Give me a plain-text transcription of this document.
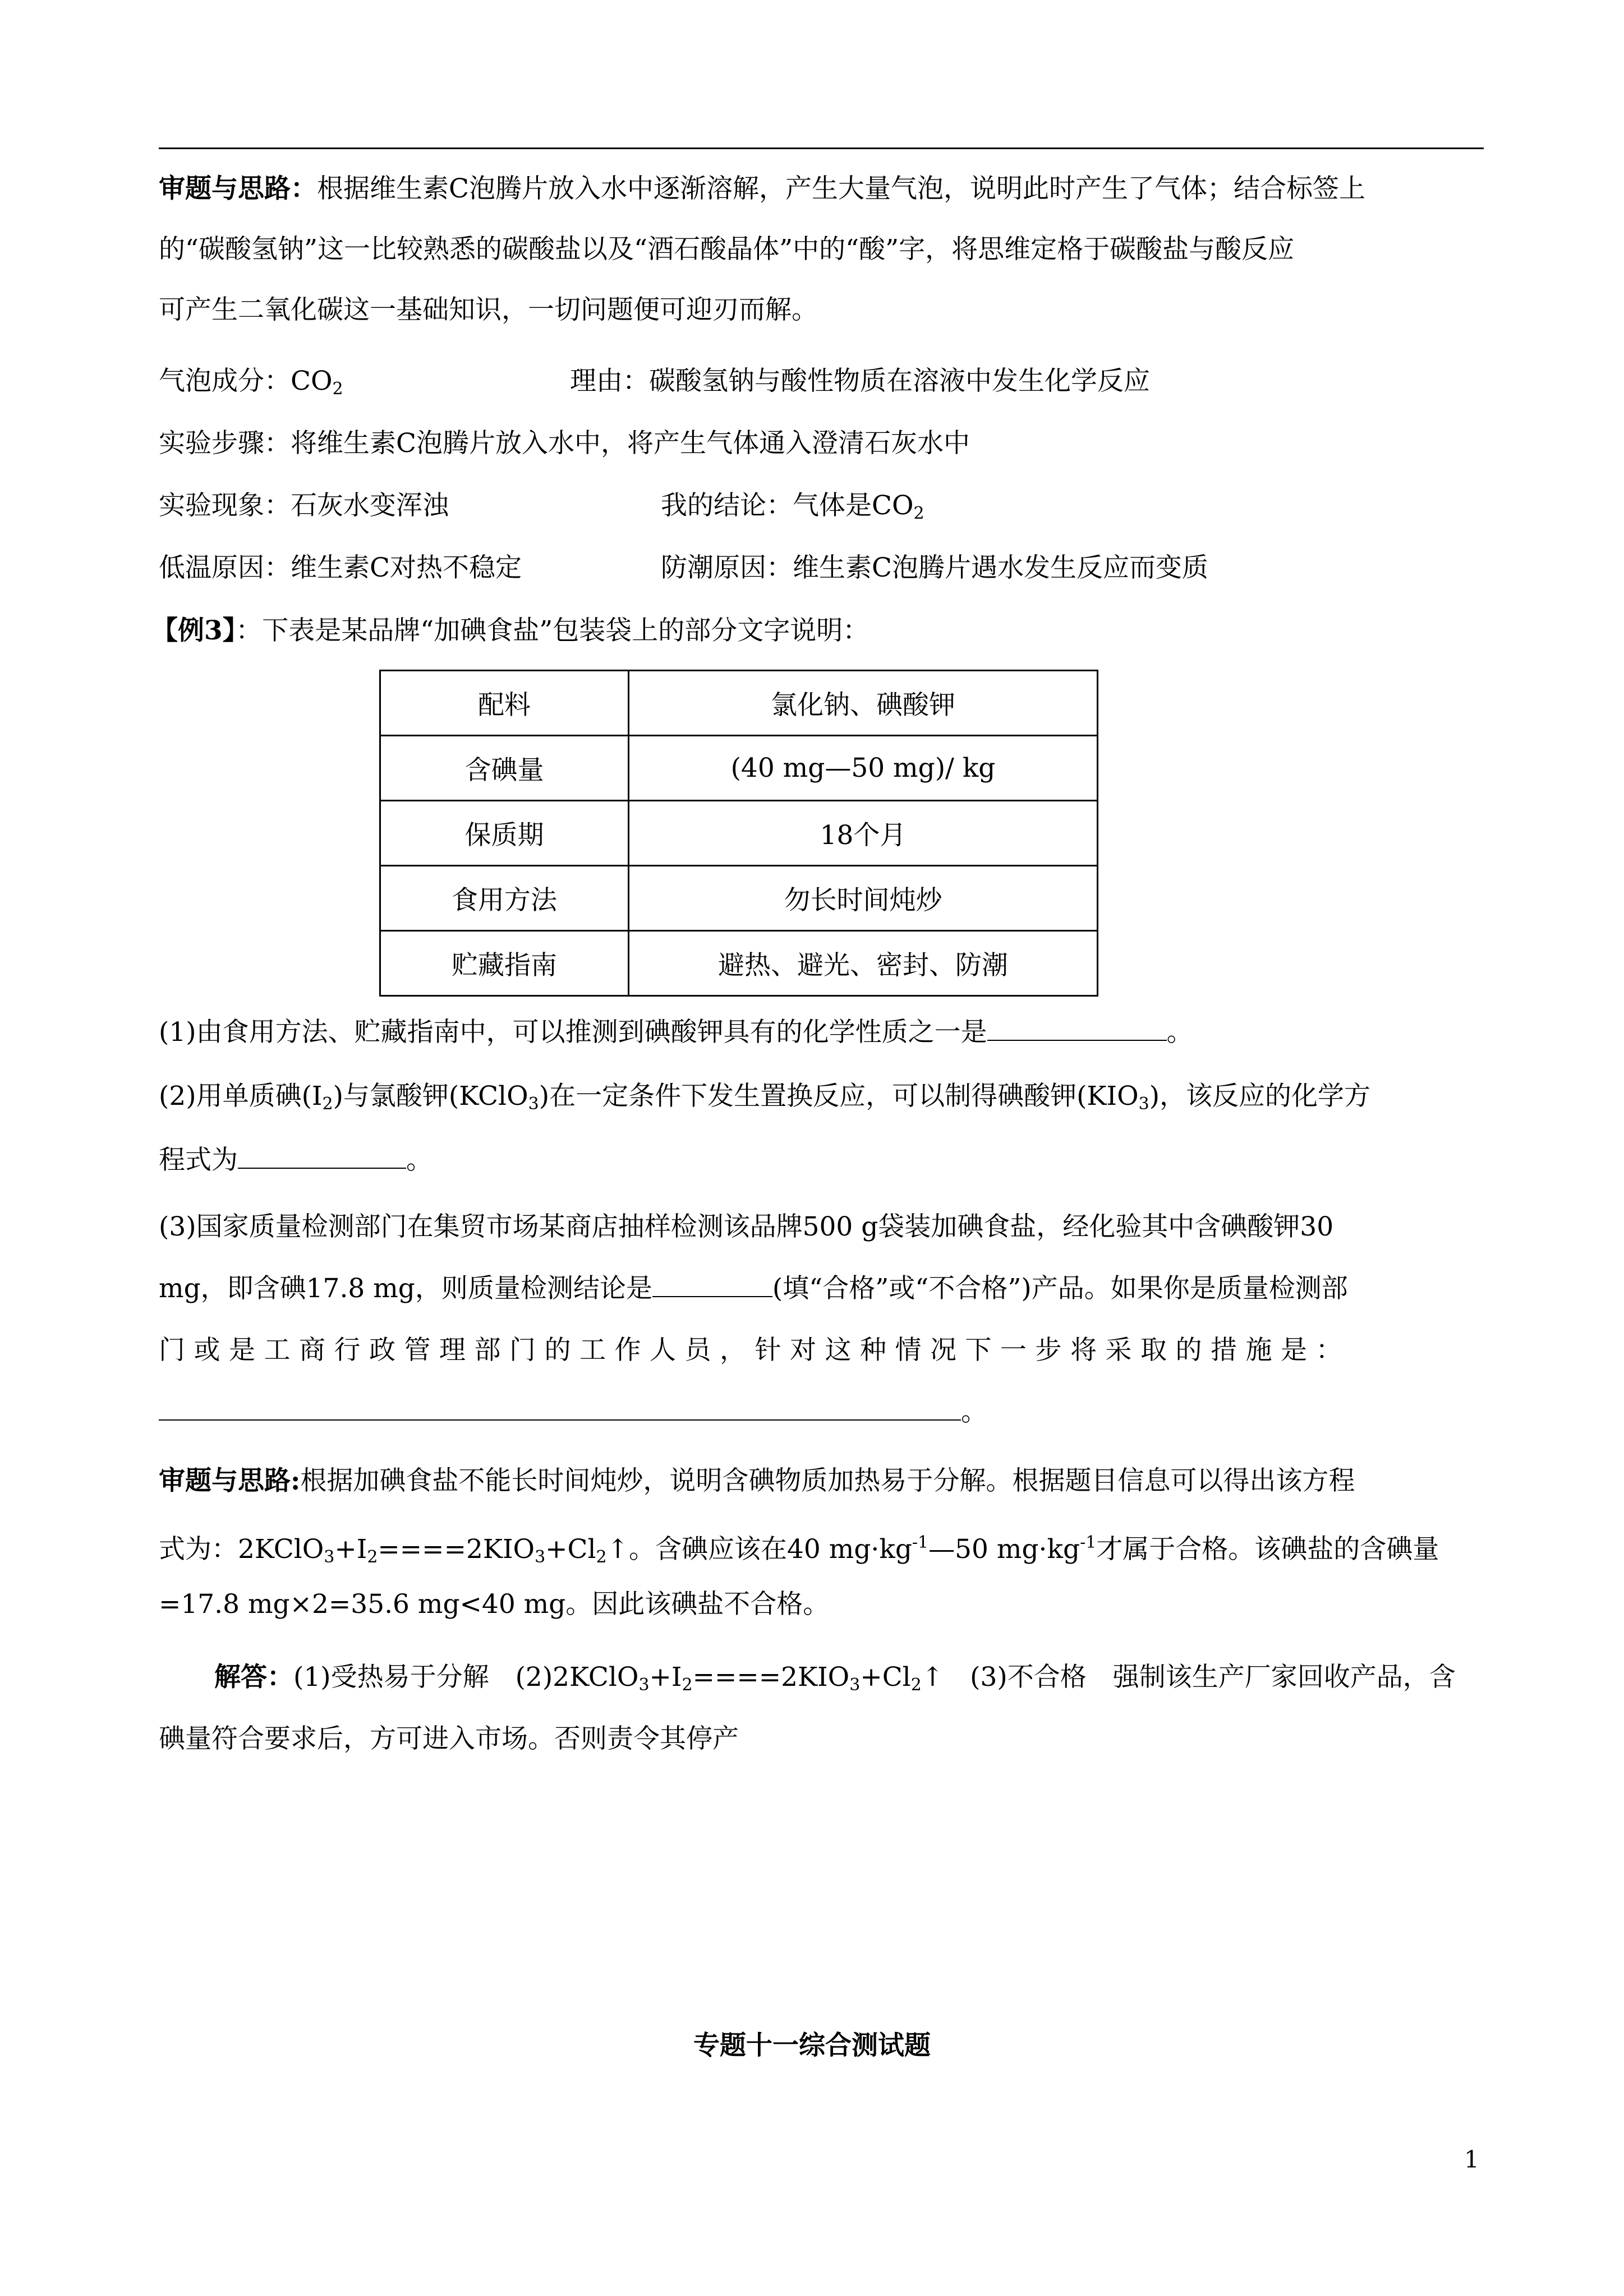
审题与思路：根据维生素C泡腾片放入水中逐渐溶解，产生大量气泡，说明此时产生了气体；结合标签上
的“碳酸氢钠”这一比较熟悉的碳酸盐以及“酒石酸晶体”中的“酸”字，将思维定格于碳酸盐与酸反应
可产生二氧化碳这一基础知识，一切问题便可迎刃而解。
气泡成分：$CO_2$	理由：碳酸氢钠与酸性物质在溶液中发生化学反应
实验步骤：将维生素C泡腾片放入水中，将产生气体通入澄清石灰水中
实验现象：石灰水变浑浊	我的结论：气体是$CO_2$
低温原因：维生素C对热不稳定	防潮原因：维生素C泡腾片遇水发生反应而变质
【例3】：下表是某品牌“加碘食盐”包装袋上的部分文字说明：
配料	氯化钠、碘酸钾
含碘量	(40 mg—50 mg)/ kg
保质期	18个月
食用方法	勿长时间炖炒
贮藏指南	避热、避光、密封、防潮
(1)由食用方法、贮藏指南中，可以推测到碘酸钾具有的化学性质之一是	。
(2)用单质碘$(I_2)$与氯酸钾(KClO$_3$)在一定条件下发生置换反应，可以制得碘酸钾$(KIO_3)$，该反应的化学方
程式为	。
(3)国家质量检测部门在集贸市场某商店抽样检测该品牌500 g袋装加碘食盐，经化验其中含碘酸钾30
mg，即含碘17.8 mg，则质量检测结论是	(填“合格”或“不合格”)产品。如果你是质量检测部
门或是工商行政管理部门的工作人员，针对这种情况下一步将采取的措施是：
。
审题与思路:根据加碘食盐不能长时间炖炒，说明含碘物质加热易于分解。根据题目信息可以得出该方程
式为：$2KClO_3+I_2====2KIO_3+Cl_2↑$。含碘应该在40 $mg\cdot kg^{-1}—50$ $mg\cdot kg^{-1}$才属于合格。该碘盐的含碘量
=17.8 mg×2=35.6 mg<40 mg。因此该碘盐不合格。
解答：(1)受热易于分解　$(2)2KClO_3+I_2====2KIO_3+Cl_2↑$　(3)不合格　强制该生产厂家回收产品，含
碘量符合要求后，方可进入市场。否则责令其停产
专题十一综合测试题
1
